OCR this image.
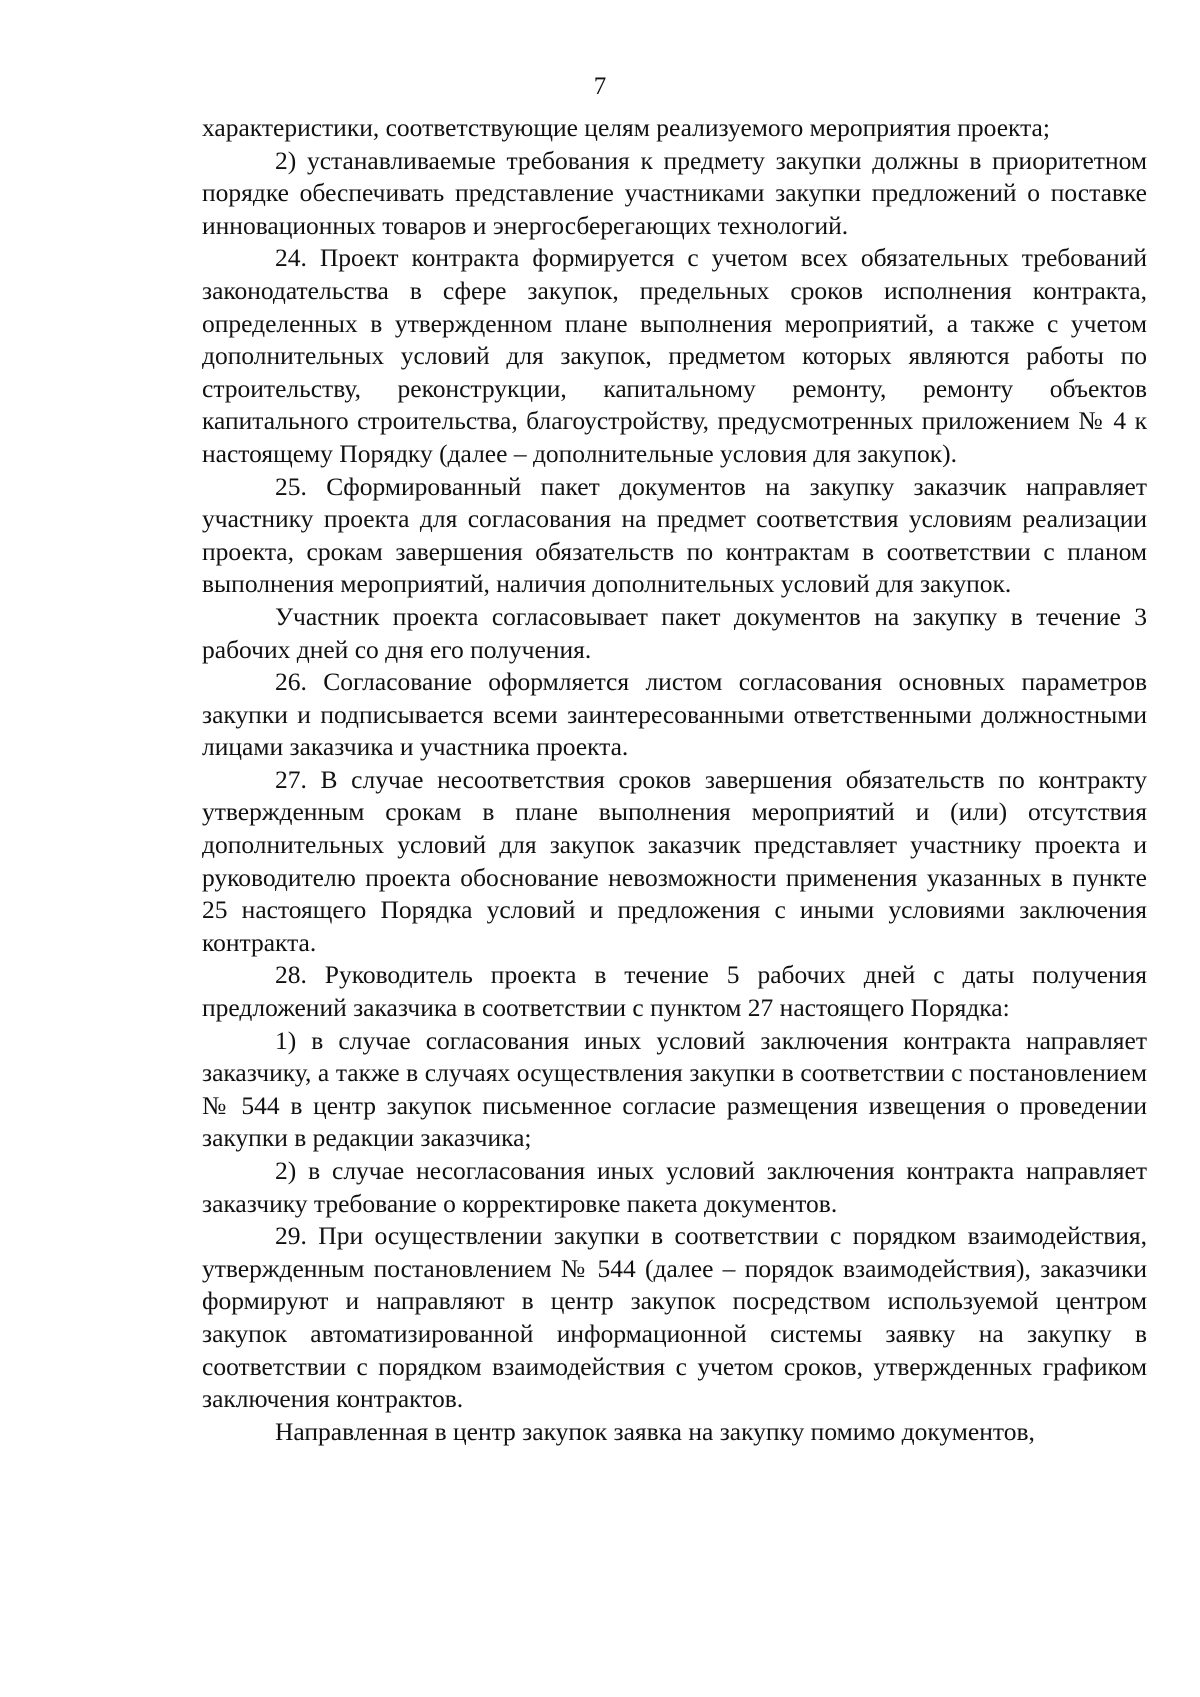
7

характеристики, соответствующие целям реализуемого мероприятия проекта;

2) устанавливаемые требования к предмету закупки должны в приоритетном порядке обеспечивать представление участниками закупки предложений о поставке инновационных товаров и энергосберегающих технологий.

24. Проект контракта формируется с учетом всех обязательных требований законодательства в сфере закупок, предельных сроков исполнения контракта, определенных в утвержденном плане выполнения мероприятий, а также с учетом дополнительных условий для закупок, предметом которых являются работы по строительству, реконструкции, капитальному ремонту, ремонту объектов капитального строительства, благоустройству, предусмотренных приложением № 4 к настоящему Порядку (далее – дополнительные условия для закупок).

25. Сформированный пакет документов на закупку заказчик направляет участнику проекта для согласования на предмет соответствия условиям реализации проекта, срокам завершения обязательств по контрактам в соответствии с планом выполнения мероприятий, наличия дополнительных условий для закупок.

Участник проекта согласовывает пакет документов на закупку в течение 3 рабочих дней со дня его получения.

26. Согласование оформляется листом согласования основных параметров закупки и подписывается всеми заинтересованными ответственными должностными лицами заказчика и участника проекта.

27. В случае несоответствия сроков завершения обязательств по контракту утвержденным срокам в плане выполнения мероприятий и (или) отсутствия дополнительных условий для закупок заказчик представляет участнику проекта и руководителю проекта обоснование невозможности применения указанных в пункте 25 настоящего Порядка условий и предложения с иными условиями заключения контракта.

28. Руководитель проекта в течение 5 рабочих дней с даты получения предложений заказчика в соответствии с пунктом 27 настоящего Порядка:

1) в случае согласования иных условий заключения контракта направляет заказчику, а также в случаях осуществления закупки в соответствии с постановлением № 544 в центр закупок письменное согласие размещения извещения о проведении закупки в редакции заказчика;

2) в случае несогласования иных условий заключения контракта направляет заказчику требование о корректировке пакета документов.

29. При осуществлении закупки в соответствии с порядком взаимодействия, утвержденным постановлением № 544 (далее – порядок взаимодействия), заказчики формируют и направляют в центр закупок посредством используемой центром закупок автоматизированной информационной системы заявку на закупку в соответствии с порядком взаимодействия с учетом сроков, утвержденных графиком заключения контрактов.

Направленная в центр закупок заявка на закупку помимо документов,
